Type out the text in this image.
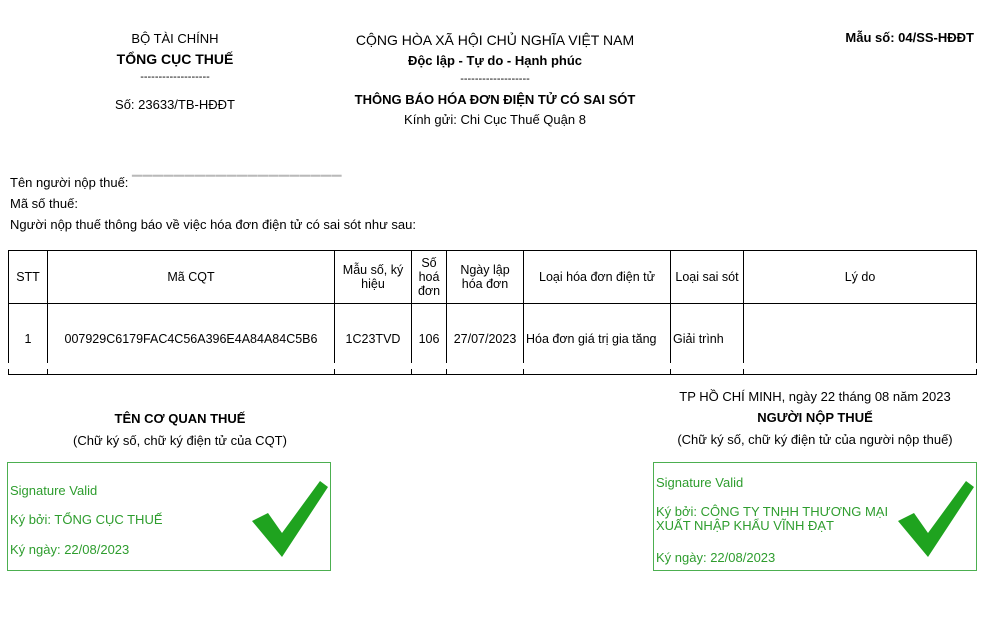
BỘ TÀI CHÍNH
TỔNG CỤC THUẾ
-------------------
Số: 23633/TB-HĐĐT
CỘNG HÒA XÃ HỘI CHỦ NGHĨA VIỆT NAM
Độc lập - Tự do - Hạnh phúc
-------------------
THÔNG BÁO HÓA ĐƠN ĐIỆN TỬ CÓ SAI SÓT
Kính gửi: Chi Cục Thuế Quận 8
Mẫu số: 04/SS-HĐĐT
Tên người nộp thuế: ▔▔▔▔▔▔▔▔▔▔▔▔▔▔▔▔▔▔▔▔
Mã số thuế:
Người nộp thuế thông báo về việc hóa đơn điện tử có sai sót như sau:
STT	Mã CQT	Mẫu số, ký hiệu	Số hoá đơn	Ngày lập hóa đơn	Loại hóa đơn điện tử	Loại sai sót	Lý do
1	007929C6179FAC4C56A396E4A84A84C5B6	1C23TVD	106	27/07/2023	Hóa đơn giá trị gia tăng	Giải trình	
TÊN CƠ QUAN THUẾ
(Chữ ký số, chữ ký điện tử của CQT)
Signature Valid
Ký bởi: TỔNG CỤC THUẾ
Ký ngày: 22/08/2023
TP HỒ CHÍ MINH, ngày 22 tháng 08 năm 2023
NGƯỜI NỘP THUẾ
(Chữ ký số, chữ ký điện tử của người nộp thuế)
Signature Valid
Ký bởi: CÔNG TY TNHH THƯƠNG MẠI XUẤT NHẬP KHẨU VĨNH ĐẠT
Ký ngày: 22/08/2023
